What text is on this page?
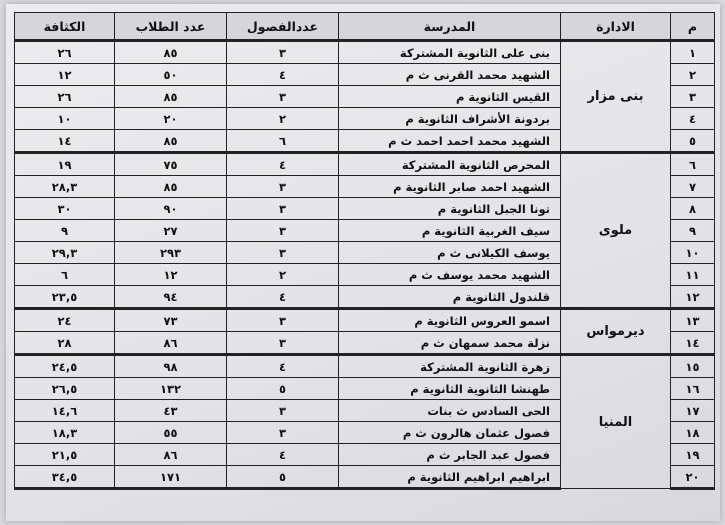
م	الادارة	المدرسة	عددالفصول	عدد الطلاب	الكثافة
١	بنى مزار	بنى على الثانوية المشتركة	٣	٨٥	٢٦
٢		الشهيد محمد القرنى ث م	٤	٥٠	١٢
٣		القيس الثانوية م	٣	٨٥	٢٦
٤		بردونة الأشراف الثانوية م	٢	٢٠	١٠
٥		الشهيد محمد احمد احمد ث م	٦	٨٥	١٤
٦	ملوى	المحرص الثانوية المشتركة	٤	٧٥	١٩
٧		الشهيد احمد صابر الثانوية م	٣	٨٥	٢٨,٣
٨		تونا الجبل الثانوية م	٣	٩٠	٣٠
٩		سيف الغربية الثانوية م	٣	٢٧	٩
١٠		يوسف الكيلانى ث م	٣	٢٩٣	٢٩,٣
١١		الشهيد محمد يوسف ث م	٢	١٢	٦
١٢		قلندول الثانوية م	٤	٩٤	٢٣,٥
١٣	ديرمواس	اسمو العروس الثانوية م	٣	٧٣	٢٤
١٤		نزلة محمد سمهان ث م	٣	٨٦	٢٨
١٥	المنيا	زهرة الثانوية المشتركة	٤	٩٨	٢٤,٥
١٦		طهنشا الثانوية الثانوية م	٥	١٣٢	٢٦,٥
١٧		الحى السادس ث بنات	٣	٤٣	١٤,٦
١٨		فصول عثمان هالرون ث م	٣	٥٥	١٨,٣
١٩		فصول عبد الجابر ث م	٤	٨٦	٢١,٥
٢٠		ابراهيم ابراهيم الثانوية م	٥	١٧١	٣٤,٥
